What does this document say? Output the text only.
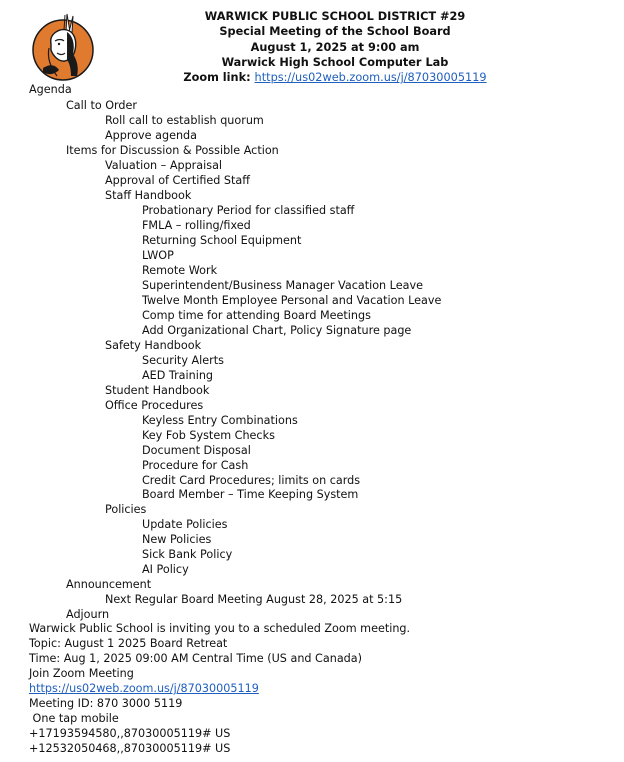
WARWICK PUBLIC SCHOOL DISTRICT #29
Special Meeting of the School Board
August 1, 2025 at 9:00 am
Warwick High School Computer Lab
Zoom link: https://us02web.zoom.us/j/87030005119
Agenda
Call to Order
Roll call to establish quorum
Approve agenda
Items for Discussion & Possible Action
Valuation – Appraisal
Approval of Certified Staff
Staff Handbook
Probationary Period for classified staff
FMLA – rolling/fixed
Returning School Equipment
LWOP
Remote Work
Superintendent/Business Manager Vacation Leave
Twelve Month Employee Personal and Vacation Leave
Comp time for attending Board Meetings
Add Organizational Chart, Policy Signature page
Safety Handbook
Security Alerts
AED Training
Student Handbook
Office Procedures
Keyless Entry Combinations
Key Fob System Checks
Document Disposal
Procedure for Cash
Credit Card Procedures; limits on cards
Board Member – Time Keeping System
Policies
Update Policies
New Policies
Sick Bank Policy
AI Policy
Announcement
Next Regular Board Meeting August 28, 2025 at 5:15
Adjourn
Warwick Public School is inviting you to a scheduled Zoom meeting.
Topic: August 1 2025 Board Retreat
Time: Aug 1, 2025 09:00 AM Central Time (US and Canada)
Join Zoom Meeting
https://us02web.zoom.us/j/87030005119
Meeting ID: 870 3000 5119
One tap mobile
+17193594580,,87030005119# US
+12532050468,,87030005119# US
